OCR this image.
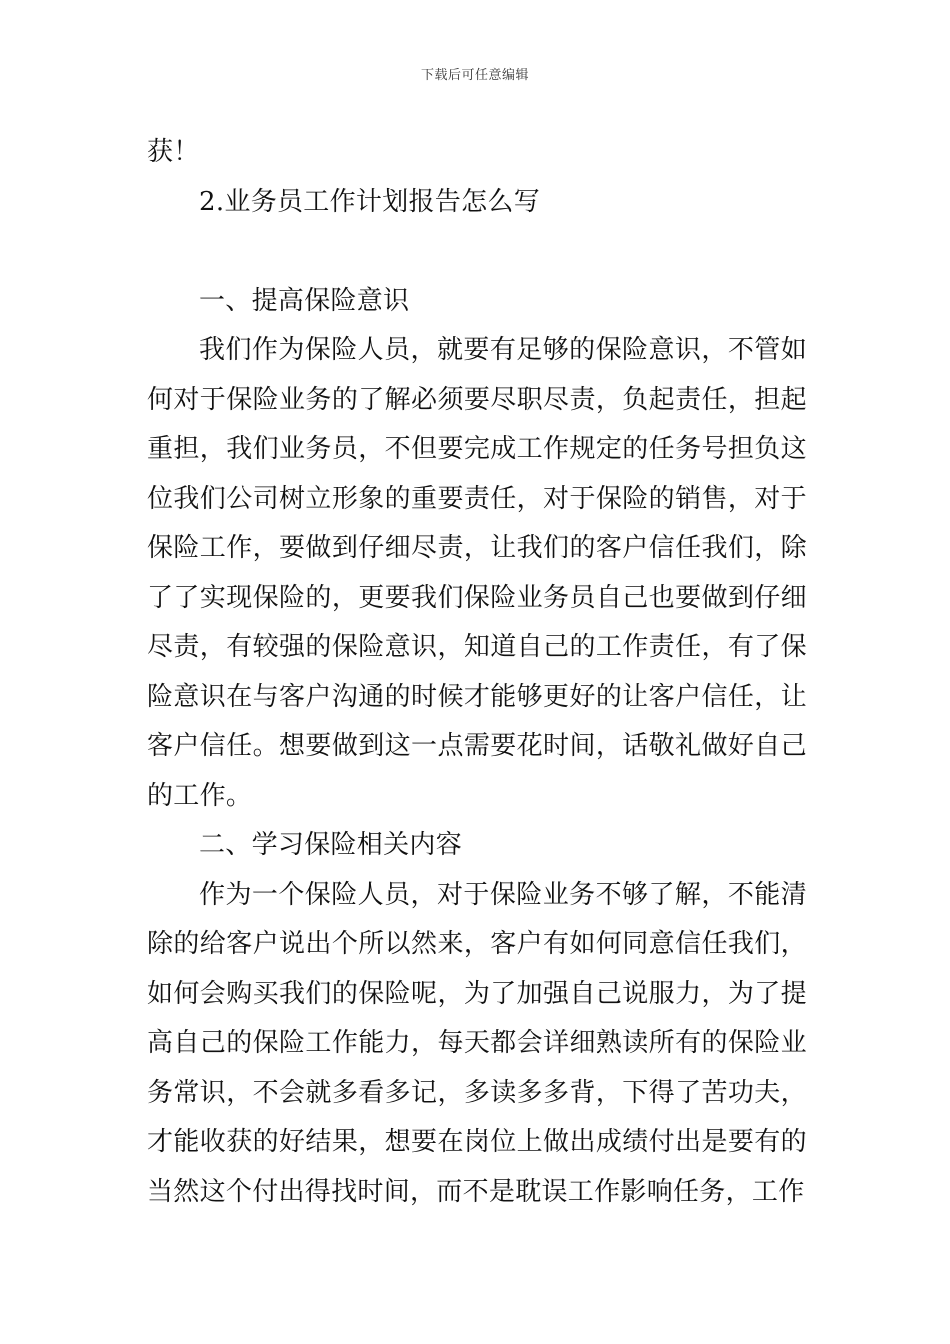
下载后可任意编辑

获！

2.业务员工作计划报告怎么写

一、提高保险意识

我们作为保险人员，就要有足够的保险意识，不管如何对于保险业务的了解必须要尽职尽责，负起责任，担起重担，我们业务员，不但要完成工作规定的任务号担负这位我们公司树立形象的重要责任，对于保险的销售，对于保险工作，要做到仔细尽责，让我们的客户信任我们，除了了实现保险的，更要我们保险业务员自己也要做到仔细尽责，有较强的保险意识，知道自己的工作责任，有了保险意识在与客户沟通的时候才能够更好的让客户信任，让客户信任。想要做到这一点需要花时间，话敬礼做好自己的工作。

二、学习保险相关内容

作为一个保险人员，对于保险业务不够了解，不能清除的给客户说出个所以然来，客户有如何同意信任我们，如何会购买我们的保险呢，为了加强自己说服力，为了提高自己的保险工作能力，每天都会详细熟读所有的保险业务常识，不会就多看多记，多读多多背，下得了苦功夫，才能收获的好结果，想要在岗位上做出成绩付出是要有的当然这个付出得找时间，而不是耽误工作影响任务，工作
